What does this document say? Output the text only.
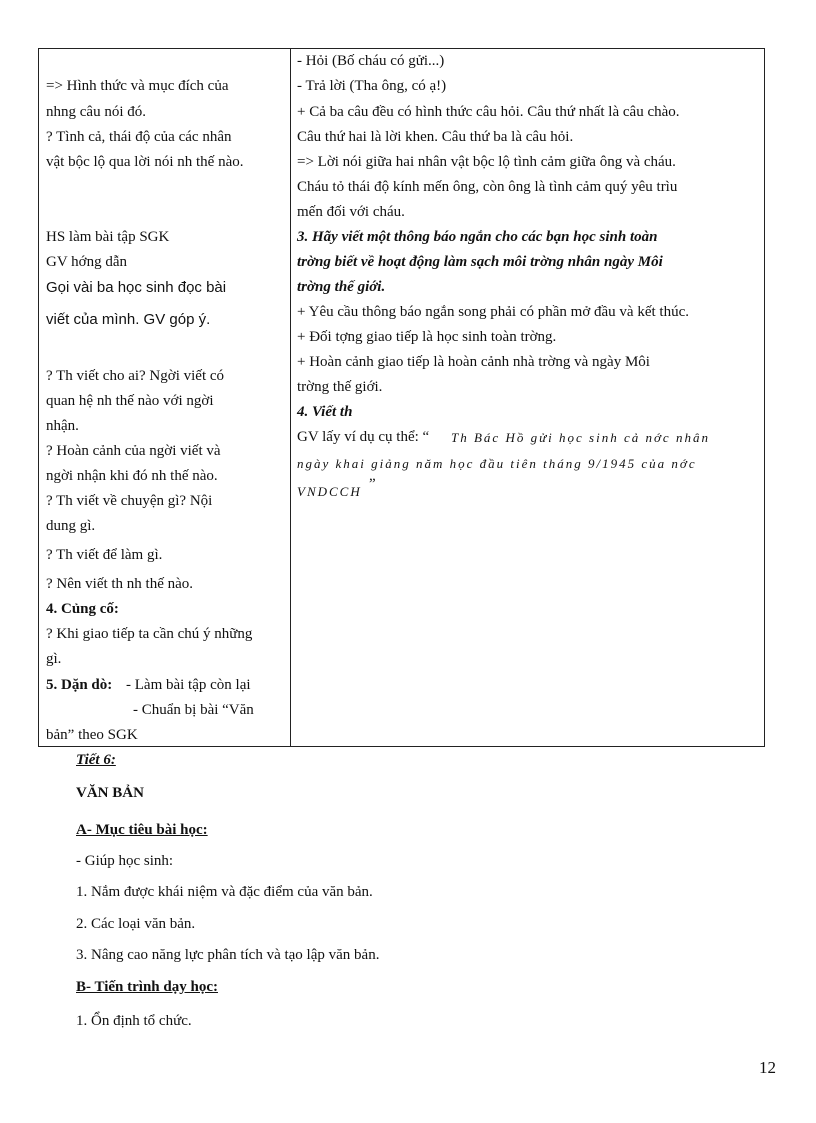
=> Hình thức và mục đích của
nhng câu nói đó.
? Tình cả, thái độ của các nhân
vật bộc lộ qua lời nói nh thế nào.
HS làm bài tập SGK
GV hớng dẫn
Gọi vài ba học sinh đọc bài
viết của mình. GV góp ý.
? Th viết cho ai? Ngời viết có
quan hệ nh thế nào với ngời
nhận.
? Hoàn cảnh của ngời viết và
ngời nhận khi đó nh thế nào.
? Th viết về chuyện gì? Nội
dung gì.
? Th viết để làm gì.
? Nên viết th nh thế nào.
4. Củng cố:
? Khi giao tiếp ta cần chú ý những
gì.
5. Dặn dò: - Làm bài tập còn lại
- Chuẩn bị bài “Văn
bản” theo SGK
- Hỏi (Bố cháu có gửi...)
- Trả lời (Tha ông, có ạ!)
+ Cả ba câu đều có hình thức câu hỏi. Câu thứ nhất là câu chào.
Câu thứ hai là lời khen. Câu thứ ba là câu hỏi.
=> Lời nói giữa hai nhân vật bộc lộ tình cảm giữa ông và cháu.
Cháu tỏ thái độ kính mến ông, còn ông là tình cảm quý yêu trìu
mến đối với cháu.
3. Hãy viết một thông báo ngắn cho các bạn học sinh toàn
trờng biết về hoạt động làm sạch môi trờng nhân ngày Môi
trờng thế giới.
+ Yêu cầu thông báo ngắn song phải có phần mở đầu và kết thúc.
+ Đối tợng giao tiếp là học sinh toàn trờng.
+ Hoàn cảnh giao tiếp là hoàn cảnh nhà trờng và ngày Môi
trờng thế giới.
4. Viết th
GV lấy ví dụ cụ thể: “ Th Bác Hồ gửi học sinh cả nớc nhân
ngày khai giảng năm học đầu tiên tháng 9/1945 của nớc
VNDCCH ”
Tiết 6:
VĂN BẢN
A- Mục tiêu bài học:
- Giúp học sinh:
1. Nắm được khái niệm và đặc điểm của văn bản.
2. Các loại văn bản.
3. Nâng cao năng lực phân tích và tạo lập văn bản.
B- Tiến trình dạy học:
1. Ổn định tổ chức.
12
